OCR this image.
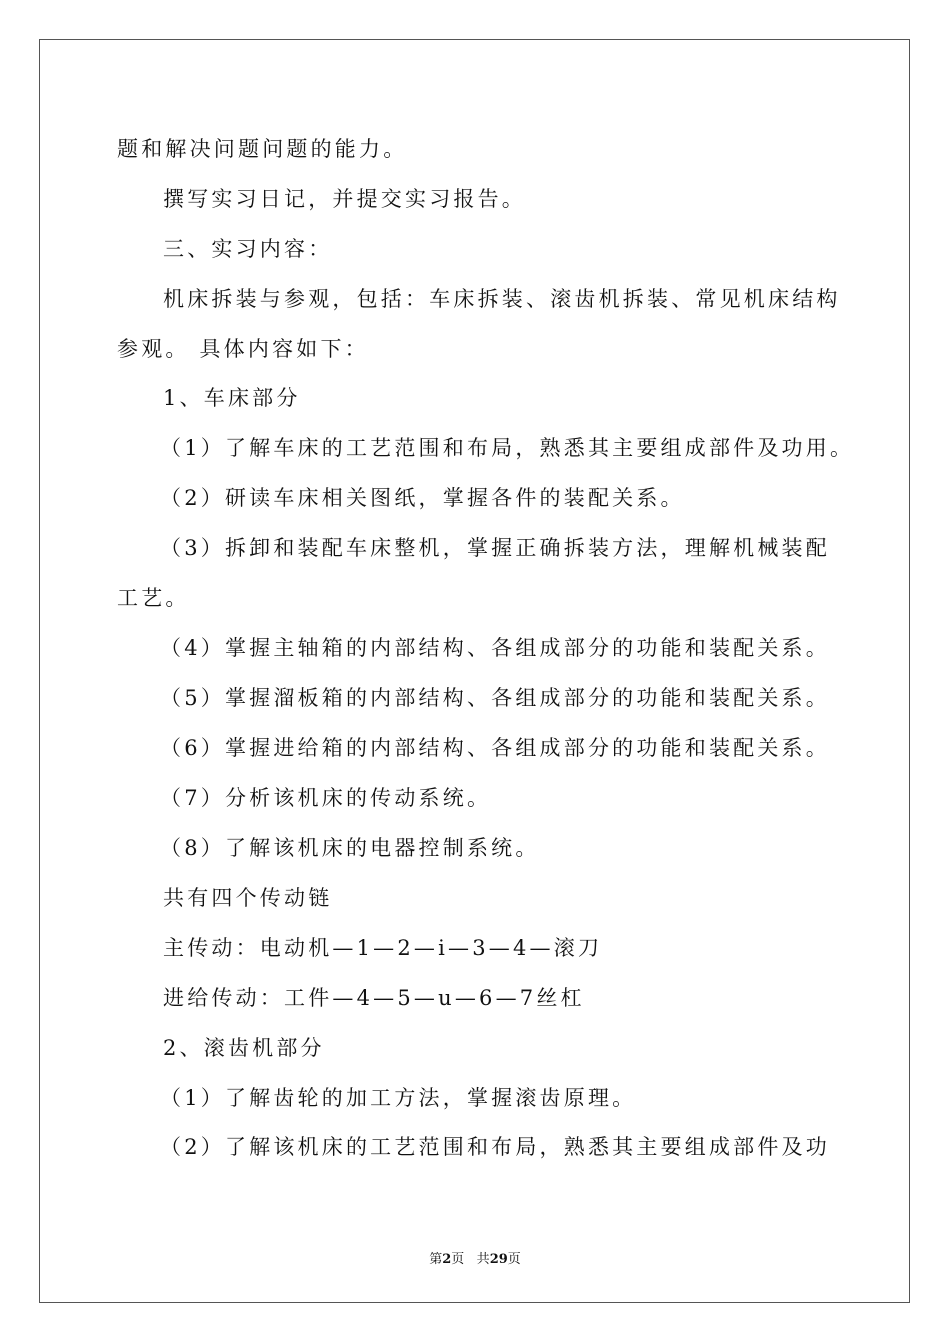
题和解决问题问题的能力。
撰写实习日记，并提交实习报告。
三、实习内容：
机床拆装与参观，包括：车床拆装、滚齿机拆装、常见机床结构
参观。 具体内容如下：
1、车床部分
（1）了解车床的工艺范围和布局，熟悉其主要组成部件及功用。
（2）研读车床相关图纸，掌握各件的装配关系。
（3）拆卸和装配车床整机，掌握正确拆装方法，理解机械装配
工艺。
（4）掌握主轴箱的内部结构、各组成部分的功能和装配关系。
（5）掌握溜板箱的内部结构、各组成部分的功能和装配关系。
（6）掌握进给箱的内部结构、各组成部分的功能和装配关系。
（7）分析该机床的传动系统。
（8）了解该机床的电器控制系统。
共有四个传动链
主传动：电动机—1—2—i—3—4—滚刀
进给传动：工件—4—5—u—6—7丝杠
2、滚齿机部分
（1）了解齿轮的加工方法，掌握滚齿原理。
（2）了解该机床的工艺范围和布局，熟悉其主要组成部件及功
第2页 共29页
